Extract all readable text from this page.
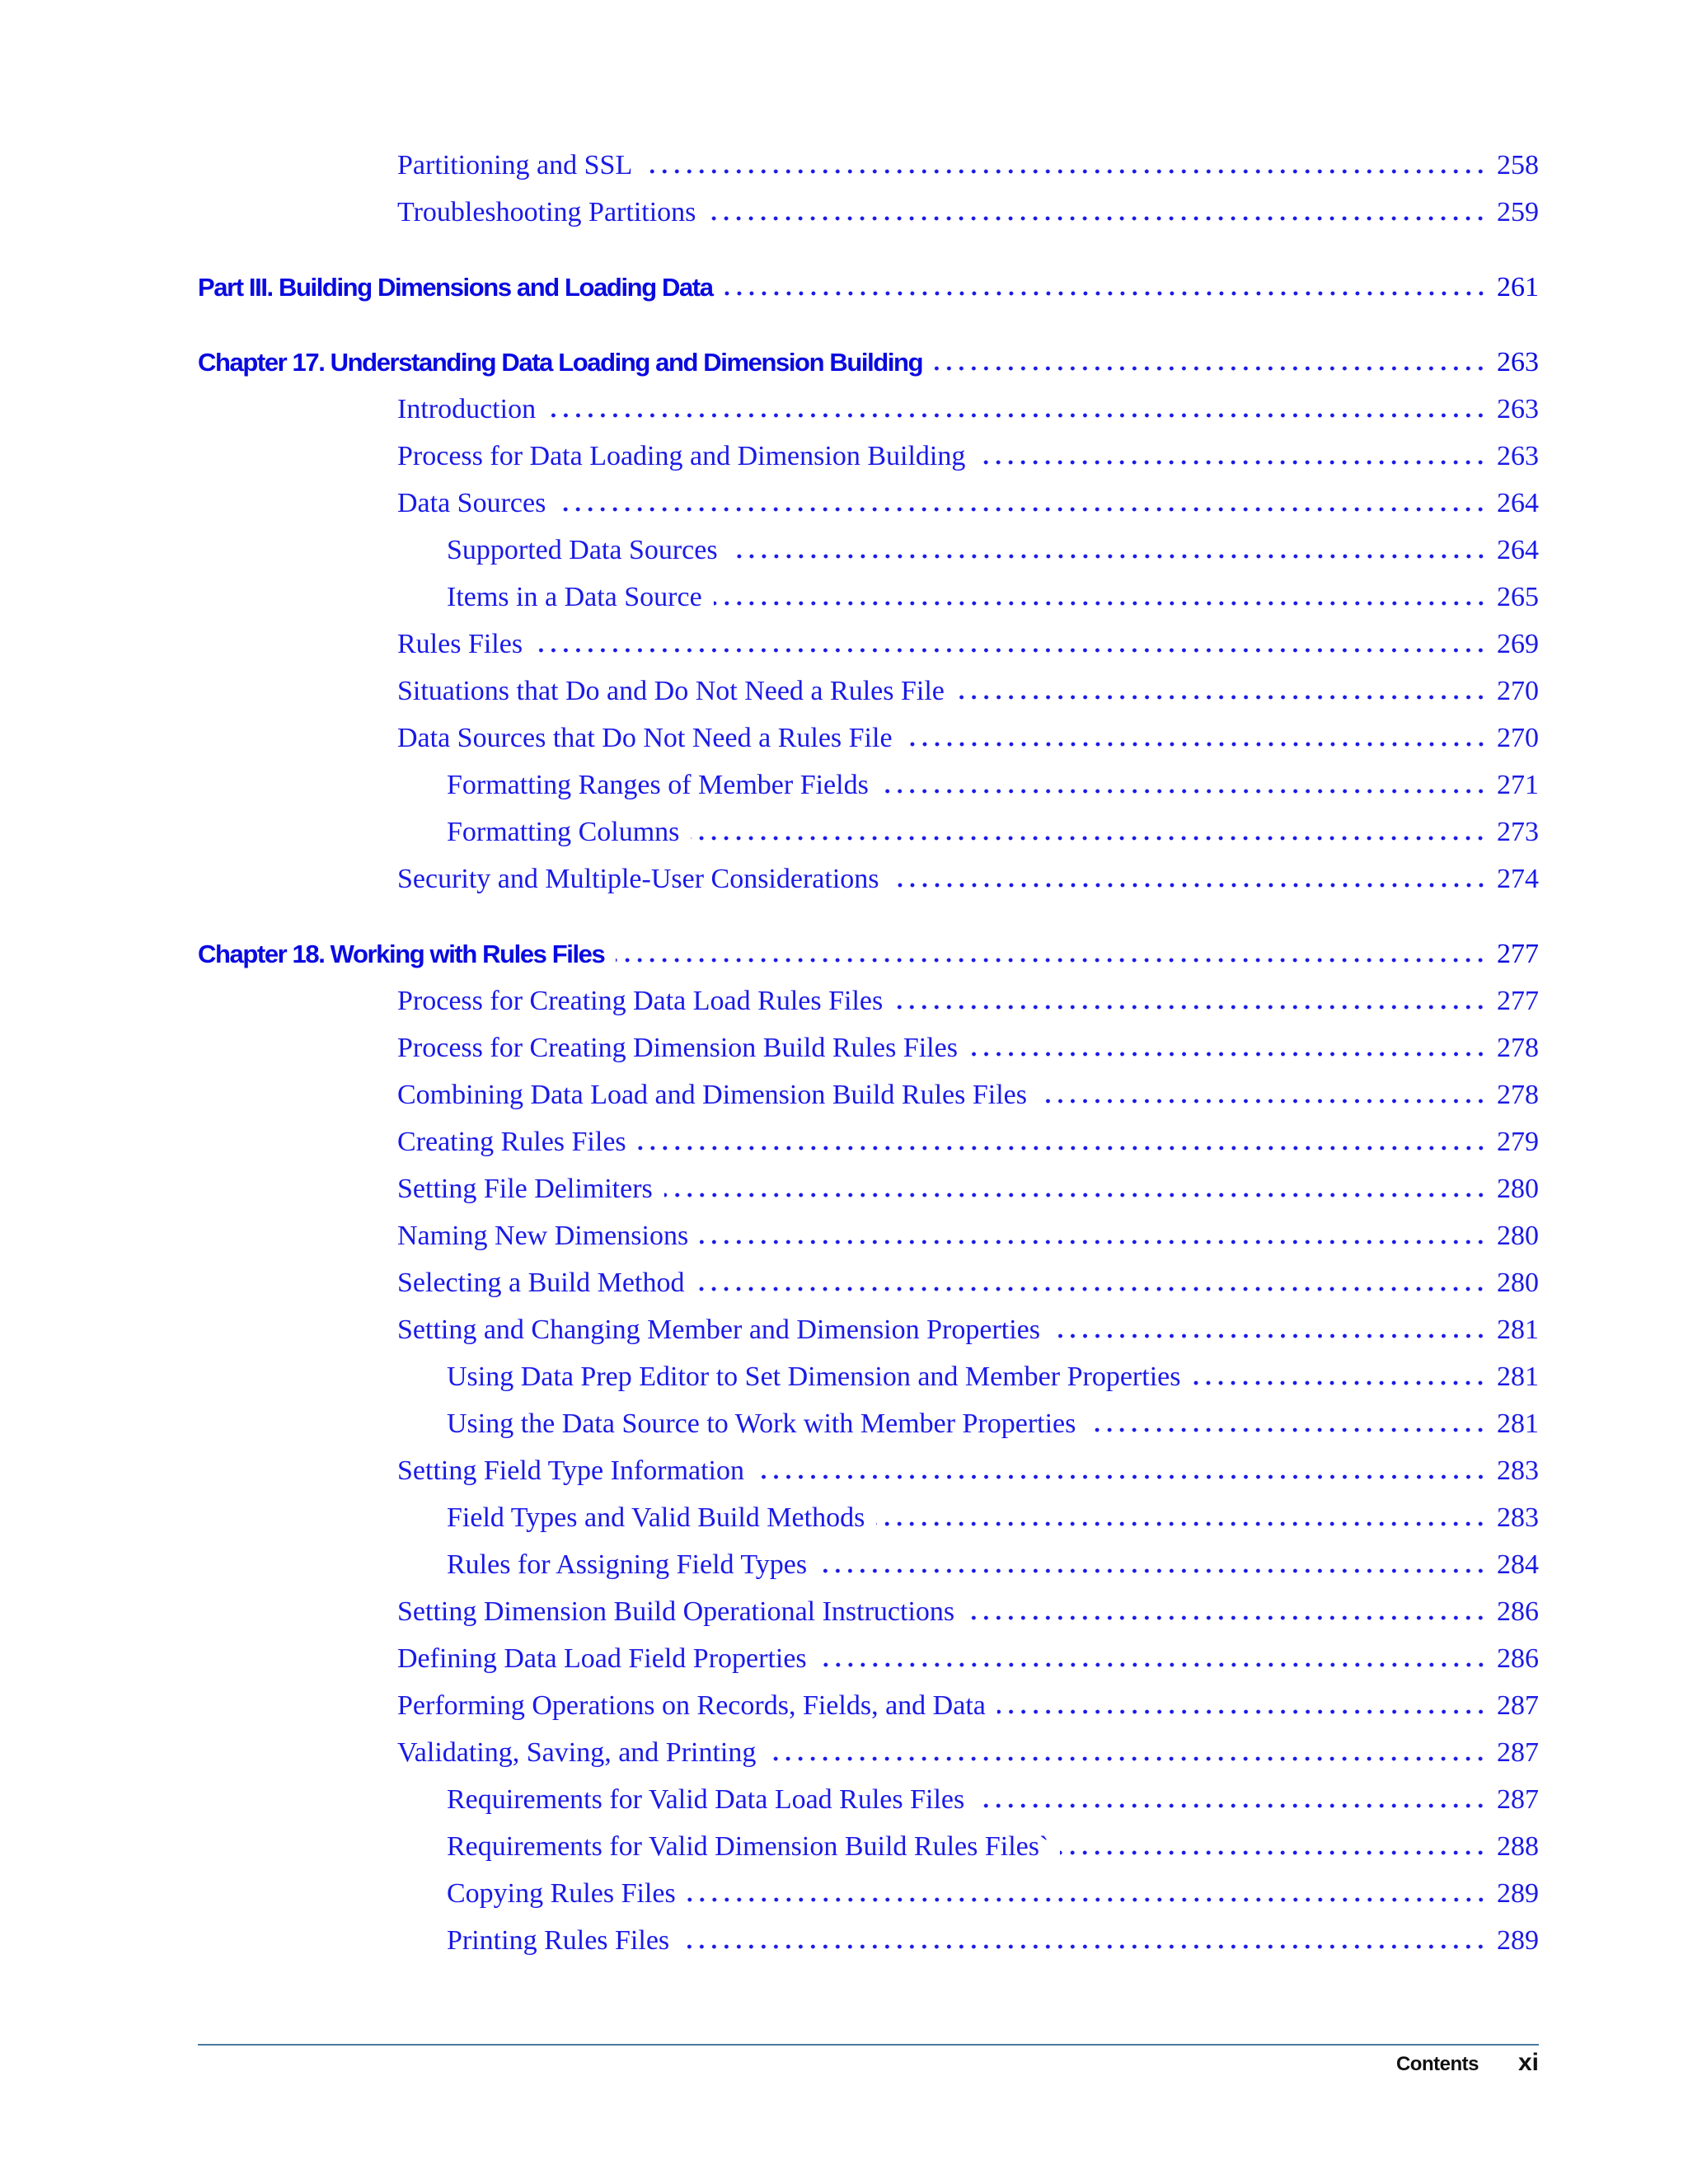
Partitioning and SSL	258
Troubleshooting Partitions	259
Part III. Building Dimensions and Loading Data	261
Chapter 17. Understanding Data Loading and Dimension Building	263
Introduction	263
Process for Data Loading and Dimension Building	263
Data Sources	264
Supported Data Sources	264
Items in a Data Source	265
Rules Files	269
Situations that Do and Do Not Need a Rules File	270
Data Sources that Do Not Need a Rules File	270
Formatting Ranges of Member Fields	271
Formatting Columns	273
Security and Multiple-User Considerations	274
Chapter 18. Working with Rules Files	277
Process for Creating Data Load Rules Files	277
Process for Creating Dimension Build Rules Files	278
Combining Data Load and Dimension Build Rules Files	278
Creating Rules Files	279
Setting File Delimiters	280
Naming New Dimensions	280
Selecting a Build Method	280
Setting and Changing Member and Dimension Properties	281
Using Data Prep Editor to Set Dimension and Member Properties	281
Using the Data Source to Work with Member Properties	281
Setting Field Type Information	283
Field Types and Valid Build Methods	283
Rules for Assigning Field Types	284
Setting Dimension Build Operational Instructions	286
Defining Data Load Field Properties	286
Performing Operations on Records, Fields, and Data	287
Validating, Saving, and Printing	287
Requirements for Valid Data Load Rules Files	287
Requirements for Valid Dimension Build Rules Files`	288
Copying Rules Files	289
Printing Rules Files	289
Contents xi
